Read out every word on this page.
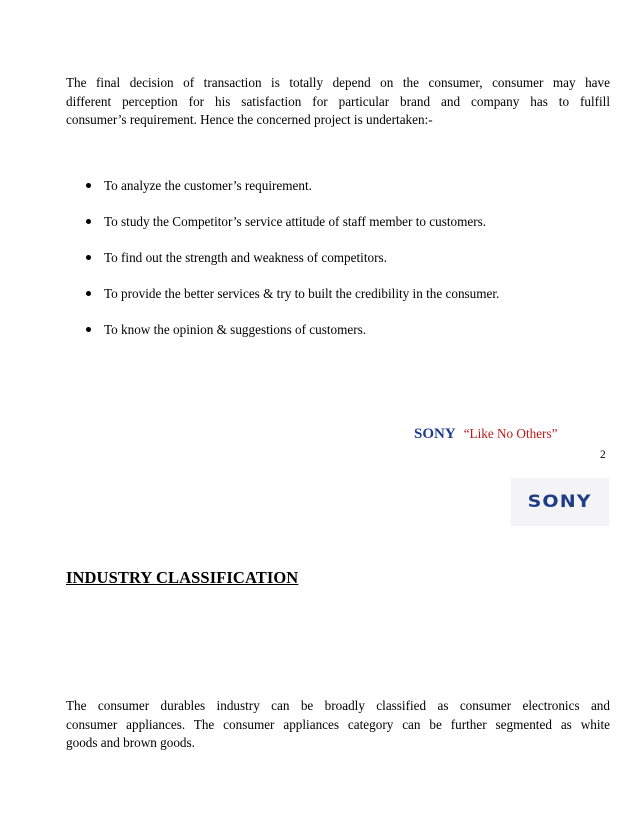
The final decision of transaction is totally depend on the consumer, consumer may have
different perception for his satisfaction for particular brand and company has to fulfill
consumer’s requirement. Hence the concerned project is undertaken:-
To analyze the customer’s requirement.
To study the Competitor’s service attitude of staff member to customers.
To find out the strength and weakness of competitors.
To provide the better services & try to built the credibility in the consumer.
To know the opinion & suggestions of customers.
SONY “Like No Others”
2
SONY
INDUSTRY CLASSIFICATION
The consumer durables industry can be broadly classified as consumer electronics and
consumer appliances. The consumer appliances category can be further segmented as white
goods and brown goods.
